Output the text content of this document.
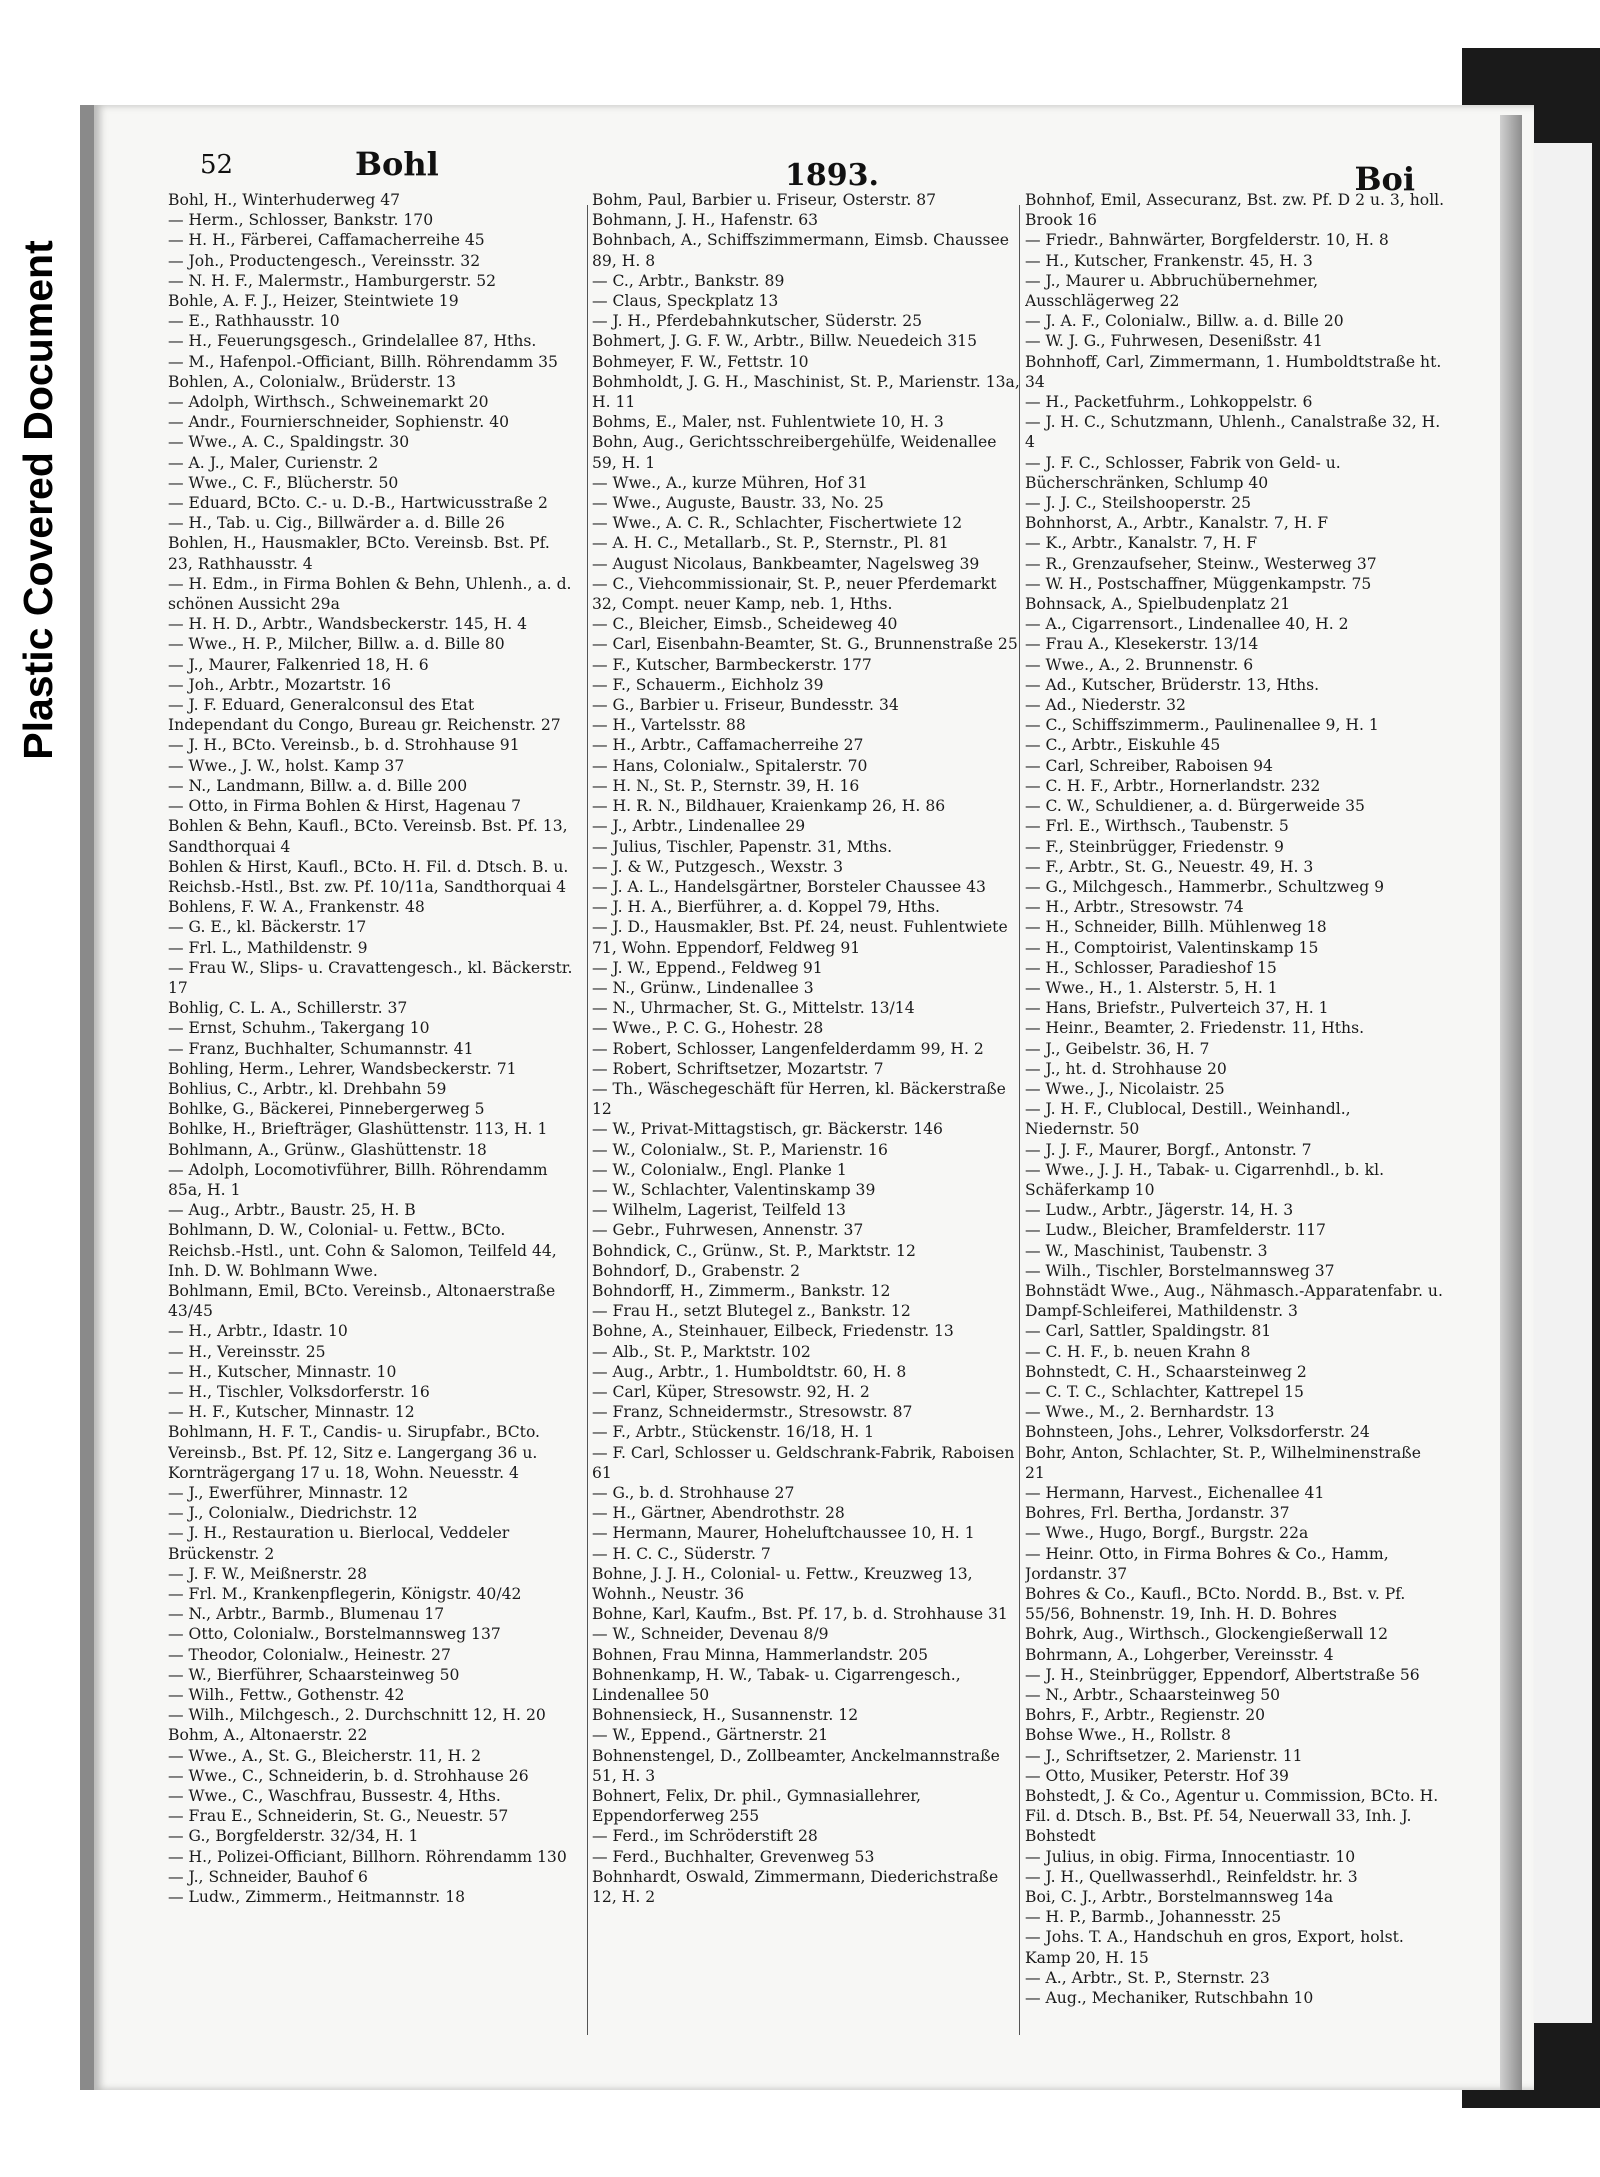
Plastic Covered Document
52	Bohl	1893.	Boi
Bohl, H., Winterhuderweg 47
— Herm., Schlosser, Bankstr. 170
— H. H., Färberei, Caffamacherreihe 45
— Joh., Productengesch., Vereinsstr. 32
— N. H. F., Malermstr., Hamburgerstr. 52
Bohle, A. F. J., Heizer, Steintwiete 19
— E., Rathhausstr. 10
— H., Feuerungsgesch., Grindelallee 87, Hths.
— M., Hafenpol.-Officiant, Billh. Röhrendamm 35
Bohlen, A., Colonialw., Brüderstr. 13
— Adolph, Wirthsch., Schweinemarkt 20
— Andr., Fournierschneider, Sophienstr. 40
— Wwe., A. C., Spaldingstr. 30
— A. J., Maler, Curienstr. 2
— Wwe., C. F., Blücherstr. 50
— Eduard, BCto. C.- u. D.-B., Hartwicusstraße 2
— H., Tab. u. Cig., Billwärder a. d. Bille 26
Bohlen, H., Hausmakler, BCto. Vereinsb. Bst. Pf. 23, Rathhausstr. 4
— H. Edm., in Firma Bohlen & Behn, Uhlenh., a. d. schönen Aussicht 29a
— H. H. D., Arbtr., Wandsbeckerstr. 145, H. 4
— Wwe., H. P., Milcher, Billw. a. d. Bille 80
— J., Maurer, Falkenried 18, H. 6
— Joh., Arbtr., Mozartstr. 16
— J. F. Eduard, Generalconsul des Etat Independant du Congo, Bureau gr. Reichenstr. 27
— J. H., BCto. Vereinsb., b. d. Strohhause 91
— Wwe., J. W., holst. Kamp 37
— N., Landmann, Billw. a. d. Bille 200
— Otto, in Firma Bohlen & Hirst, Hagenau 7
Bohlen & Behn, Kaufl., BCto. Vereinsb. Bst. Pf. 13, Sandthorquai 4
Bohlen & Hirst, Kaufl., BCto. H. Fil. d. Dtsch. B. u. Reichsb.-Hstl., Bst. zw. Pf. 10/11a, Sandthorquai 4
Bohlens, F. W. A., Frankenstr. 48
— G. E., kl. Bäckerstr. 17
— Frl. L., Mathildenstr. 9
— Frau W., Slips- u. Cravattengesch., kl. Bäckerstr. 17
Bohlig, C. L. A., Schillerstr. 37
— Ernst, Schuhm., Takergang 10
— Franz, Buchhalter, Schumannstr. 41
Bohling, Herm., Lehrer, Wandsbeckerstr. 71
Bohlius, C., Arbtr., kl. Drehbahn 59
Bohlke, G., Bäckerei, Pinnebergerweg 5
Bohlke, H., Briefträger, Glashüttenstr. 113, H. 1
Bohlmann, A., Grünw., Glashüttenstr. 18
— Adolph, Locomotivführer, Billh. Röhrendamm 85a, H. 1
— Aug., Arbtr., Baustr. 25, H. B
Bohlmann, D. W., Colonial- u. Fettw., BCto. Reichsb.-Hstl., unt. Cohn & Salomon, Teilfeld 44, Inh. D. W. Bohlmann Wwe.
Bohlmann, Emil, BCto. Vereinsb., Altonaerstraße 43/45
— H., Arbtr., Idastr. 10
— H., Vereinsstr. 25
— H., Kutscher, Minnastr. 10
— H., Tischler, Volksdorferstr. 16
— H. F., Kutscher, Minnastr. 12
Bohlmann, H. F. T., Candis- u. Sirupfabr., BCto. Vereinsb., Bst. Pf. 12, Sitz e. Langergang 36 u. Kornträgergang 17 u. 18, Wohn. Neuesstr. 4
— J., Ewerführer, Minnastr. 12
— J., Colonialw., Diedrichstr. 12
— J. H., Restauration u. Bierlocal, Veddeler Brückenstr. 2
— J. F. W., Meißnerstr. 28
— Frl. M., Krankenpflegerin, Königstr. 40/42
— N., Arbtr., Barmb., Blumenau 17
— Otto, Colonialw., Borstelmannsweg 137
— Theodor, Colonialw., Heinestr. 27
— W., Bierführer, Schaarsteinweg 50
— Wilh., Fettw., Gothenstr. 42
— Wilh., Milchgesch., 2. Durchschnitt 12, H. 20
Bohm, A., Altonaerstr. 22
— Wwe., A., St. G., Bleicherstr. 11, H. 2
— Wwe., C., Schneiderin, b. d. Strohhause 26
— Wwe., C., Waschfrau, Bussestr. 4, Hths.
— Frau E., Schneiderin, St. G., Neuestr. 57
— G., Borgfelderstr. 32/34, H. 1
— H., Polizei-Officiant, Billhorn. Röhrendamm 130
— J., Schneider, Bauhof 6
— Ludw., Zimmerm., Heitmannstr. 18
Bohm, Paul, Barbier u. Friseur, Osterstr. 87
Bohmann, J. H., Hafenstr. 63
Bohnbach, A., Schiffszimmermann, Eimsb. Chaussee 89, H. 8
— C., Arbtr., Bankstr. 89
— Claus, Speckplatz 13
— J. H., Pferdebahnkutscher, Süderstr. 25
Bohmert, J. G. F. W., Arbtr., Billw. Neuedeich 315
Bohmeyer, F. W., Fettstr. 10
Bohmholdt, J. G. H., Maschinist, St. P., Marienstr. 13a, H. 11
Bohms, E., Maler, nst. Fuhlentwiete 10, H. 3
Bohn, Aug., Gerichtsschreibergehülfe, Weidenallee 59, H. 1
— Wwe., A., kurze Mühren, Hof 31
— Wwe., Auguste, Baustr. 33, No. 25
— Wwe., A. C. R., Schlachter, Fischertwiete 12
— A. H. C., Metallarb., St. P., Sternstr., Pl. 81
— August Nicolaus, Bankbeamter, Nagelsweg 39
— C., Viehcommissionair, St. P., neuer Pferdemarkt 32, Compt. neuer Kamp, neb. 1, Hths.
— C., Bleicher, Eimsb., Scheideweg 40
— Carl, Eisenbahn-Beamter, St. G., Brunnenstraße 25
— F., Kutscher, Barmbeckerstr. 177
— F., Schauerm., Eichholz 39
— G., Barbier u. Friseur, Bundesstr. 34
— H., Vartelsstr. 88
— H., Arbtr., Caffamacherreihe 27
— Hans, Colonialw., Spitalerstr. 70
— H. N., St. P., Sternstr. 39, H. 16
— H. R. N., Bildhauer, Kraienkamp 26, H. 86
— J., Arbtr., Lindenallee 29
— Julius, Tischler, Papenstr. 31, Mths.
— J. & W., Putzgesch., Wexstr. 3
— J. A. L., Handelsgärtner, Borsteler Chaussee 43
— J. H. A., Bierführer, a. d. Koppel 79, Hths.
— J. D., Hausmakler, Bst. Pf. 24, neust. Fuhlentwiete 71, Wohn. Eppendorf, Feldweg 91
— J. W., Eppend., Feldweg 91
— N., Grünw., Lindenallee 3
— N., Uhrmacher, St. G., Mittelstr. 13/14
— Wwe., P. C. G., Hohestr. 28
— Robert, Schlosser, Langenfelderdamm 99, H. 2
— Robert, Schriftsetzer, Mozartstr. 7
— Th., Wäschegeschäft für Herren, kl. Bäckerstraße 12
— W., Privat-Mittagstisch, gr. Bäckerstr. 146
— W., Colonialw., St. P., Marienstr. 16
— W., Colonialw., Engl. Planke 1
— W., Schlachter, Valentinskamp 39
— Wilhelm, Lagerist, Teilfeld 13
— Gebr., Fuhrwesen, Annenstr. 37
Bohndick, C., Grünw., St. P., Marktstr. 12
Bohndorf, D., Grabenstr. 2
Bohndorff, H., Zimmerm., Bankstr. 12
— Frau H., setzt Blutegel z., Bankstr. 12
Bohne, A., Steinhauer, Eilbeck, Friedenstr. 13
— Alb., St. P., Marktstr. 102
— Aug., Arbtr., 1. Humboldtstr. 60, H. 8
— Carl, Küper, Stresowstr. 92, H. 2
— Franz, Schneidermstr., Stresowstr. 87
— F., Arbtr., Stückenstr. 16/18, H. 1
— F. Carl, Schlosser u. Geldschrank-Fabrik, Raboisen 61
— G., b. d. Strohhause 27
— H., Gärtner, Abendrothstr. 28
— Hermann, Maurer, Hoheluftchaussee 10, H. 1
— H. C. C., Süderstr. 7
Bohne, J. J. H., Colonial- u. Fettw., Kreuzweg 13, Wohnh., Neustr. 36
Bohne, Karl, Kaufm., Bst. Pf. 17, b. d. Strohhause 31
— W., Schneider, Devenau 8/9
Bohnen, Frau Minna, Hammerlandstr. 205
Bohnenkamp, H. W., Tabak- u. Cigarrengesch., Lindenallee 50
Bohnensieck, H., Susannenstr. 12
— W., Eppend., Gärtnerstr. 21
Bohnenstengel, D., Zollbeamter, Anckelmannstraße 51, H. 3
Bohnert, Felix, Dr. phil., Gymnasiallehrer, Eppendorferweg 255
— Ferd., im Schröderstift 28
— Ferd., Buchhalter, Grevenweg 53
Bohnhardt, Oswald, Zimmermann, Diederichstraße 12, H. 2
Bohnhof, Emil, Assecuranz, Bst. zw. Pf. D 2 u. 3, holl. Brook 16
— Friedr., Bahnwärter, Borgfelderstr. 10, H. 8
— H., Kutscher, Frankenstr. 45, H. 3
— J., Maurer u. Abbruchübernehmer, Ausschlägerweg 22
— J. A. F., Colonialw., Billw. a. d. Bille 20
— W. J. G., Fuhrwesen, Desenißstr. 41
Bohnhoff, Carl, Zimmermann, 1. Humboldtstraße ht. 34
— H., Packetfuhrm., Lohkoppelstr. 6
— J. H. C., Schutzmann, Uhlenh., Canalstraße 32, H. 4
— J. F. C., Schlosser, Fabrik von Geld- u. Bücherschränken, Schlump 40
— J. J. C., Steilshooperstr. 25
Bohnhorst, A., Arbtr., Kanalstr. 7, H. F
— K., Arbtr., Kanalstr. 7, H. F
— R., Grenzaufseher, Steinw., Westerweg 37
— W. H., Postschaffner, Müggenkampstr. 75
Bohnsack, A., Spielbudenplatz 21
— A., Cigarrensort., Lindenallee 40, H. 2
— Frau A., Klesekerstr. 13/14
— Wwe., A., 2. Brunnenstr. 6
— Ad., Kutscher, Brüderstr. 13, Hths.
— Ad., Niederstr. 32
— C., Schiffszimmerm., Paulinenallee 9, H. 1
— C., Arbtr., Eiskuhle 45
— Carl, Schreiber, Raboisen 94
— C. H. F., Arbtr., Hornerlandstr. 232
— C. W., Schuldiener, a. d. Bürgerweide 35
— Frl. E., Wirthsch., Taubenstr. 5
— F., Steinbrügger, Friedenstr. 9
— F., Arbtr., St. G., Neuestr. 49, H. 3
— G., Milchgesch., Hammerbr., Schultzweg 9
— H., Arbtr., Stresowstr. 74
— H., Schneider, Billh. Mühlenweg 18
— H., Comptoirist, Valentinskamp 15
— H., Schlosser, Paradieshof 15
— Wwe., H., 1. Alsterstr. 5, H. 1
— Hans, Briefstr., Pulverteich 37, H. 1
— Heinr., Beamter, 2. Friedenstr. 11, Hths.
— J., Geibelstr. 36, H. 7
— J., ht. d. Strohhause 20
— Wwe., J., Nicolaistr. 25
— J. H. F., Clublocal, Destill., Weinhandl., Niedernstr. 50
— J. J. F., Maurer, Borgf., Antonstr. 7
— Wwe., J. J. H., Tabak- u. Cigarrenhdl., b. kl. Schäferkamp 10
— Ludw., Arbtr., Jägerstr. 14, H. 3
— Ludw., Bleicher, Bramfelderstr. 117
— W., Maschinist, Taubenstr. 3
— Wilh., Tischler, Borstelmannsweg 37
Bohnstädt Wwe., Aug., Nähmasch.-Apparatenfabr. u. Dampf-Schleiferei, Mathildenstr. 3
— Carl, Sattler, Spaldingstr. 81
— C. H. F., b. neuen Krahn 8
Bohnstedt, C. H., Schaarsteinweg 2
— C. T. C., Schlachter, Kattrepel 15
— Wwe., M., 2. Bernhardstr. 13
Bohnsteen, Johs., Lehrer, Volksdorferstr. 24
Bohr, Anton, Schlachter, St. P., Wilhelminenstraße 21
— Hermann, Harvest., Eichenallee 41
Bohres, Frl. Bertha, Jordanstr. 37
— Wwe., Hugo, Borgf., Burgstr. 22a
— Heinr. Otto, in Firma Bohres & Co., Hamm, Jordanstr. 37
Bohres & Co., Kaufl., BCto. Nordd. B., Bst. v. Pf. 55/56, Bohnenstr. 19, Inh. H. D. Bohres
Bohrk, Aug., Wirthsch., Glockengießerwall 12
Bohrmann, A., Lohgerber, Vereinsstr. 4
— J. H., Steinbrügger, Eppendorf, Albertstraße 56
— N., Arbtr., Schaarsteinweg 50
Bohrs, F., Arbtr., Regienstr. 20
Bohse Wwe., H., Rollstr. 8
— J., Schriftsetzer, 2. Marienstr. 11
— Otto, Musiker, Peterstr. Hof 39
Bohstedt, J. & Co., Agentur u. Commission, BCto. H. Fil. d. Dtsch. B., Bst. Pf. 54, Neuerwall 33, Inh. J. Bohstedt
— Julius, in obig. Firma, Innocentiastr. 10
— J. H., Quellwasserhdl., Reinfeldstr. hr. 3
Boi, C. J., Arbtr., Borstelmannsweg 14a
— H. P., Barmb., Johannesstr. 25
— Johs. T. A., Handschuh en gros, Export, holst. Kamp 20, H. 15
— A., Arbtr., St. P., Sternstr. 23
— Aug., Mechaniker, Rutschbahn 10
